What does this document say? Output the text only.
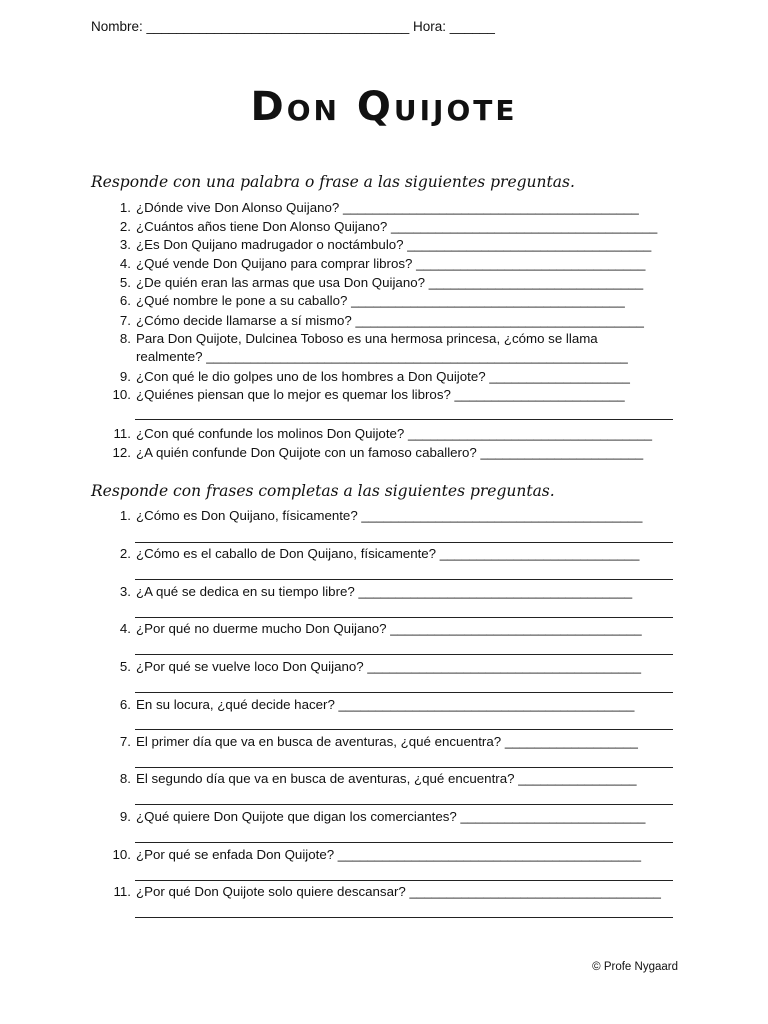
Nombre: ___________________________________ Hora: ______
Don Quijote
Responde con una palabra o frase a las siguientes preguntas.
1. ¿Dónde vive Don Alonso Quijano? ________________________________________
2. ¿Cuántos años tiene Don Alonso Quijano? ____________________________________
3. ¿Es Don Quijano madrugador o noctámbulo? _________________________________
4. ¿Qué vende Don Quijano para comprar libros? _______________________________
5. ¿De quién eran las armas que usa Don Quijano? _____________________________
6. ¿Qué nombre le pone a su caballo? _____________________________________
7. ¿Cómo decide llamarse a sí mismo? _______________________________________
8. Para Don Quijote, Dulcinea Toboso es una hermosa princesa, ¿cómo se llama
realmente? _________________________________________________________
9. ¿Con qué le dio golpes uno de los hombres a Don Quijote? ___________________
10. ¿Quiénes piensan que lo mejor es quemar los libros? _______________________
11. ¿Con qué confunde los molinos Don Quijote? _________________________________
12. ¿A quién confunde Don Quijote con un famoso caballero? ______________________
Responde con frases completas a las siguientes preguntas.
1. ¿Cómo es Don Quijano, físicamente? ______________________________________
2. ¿Cómo es el caballo de Don Quijano, físicamente? ___________________________
3. ¿A qué se dedica en su tiempo libre? _____________________________________
4. ¿Por qué no duerme mucho Don Quijano? __________________________________
5. ¿Por qué se vuelve loco Don Quijano? _____________________________________
6. En su locura, ¿qué decide hacer? ________________________________________
7. El primer día que va en busca de aventuras, ¿qué encuentra? __________________
8. El segundo día que va en busca de aventuras, ¿qué encuentra? ________________
9. ¿Qué quiere Don Quijote que digan los comerciantes? _________________________
10. ¿Por qué se enfada Don Quijote? _________________________________________
11. ¿Por qué Don Quijote solo quiere descansar? __________________________________
© Profe Nygaard
